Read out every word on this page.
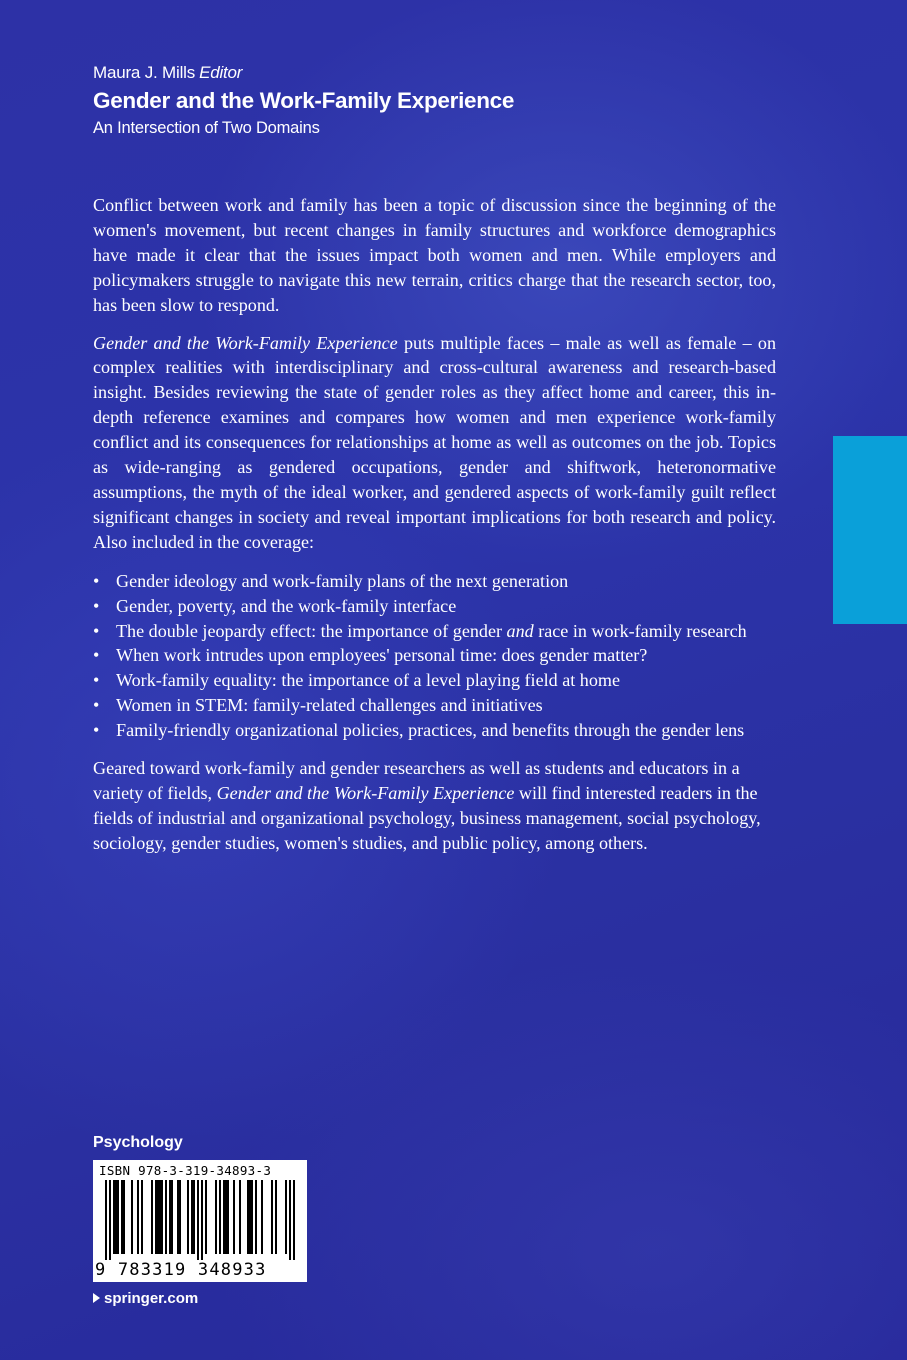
Maura J. Mills Editor
Gender and the Work-Family Experience
An Intersection of Two Domains

Conflict between work and family has been a topic of discussion since the beginning of the women's movement, but recent changes in family structures and workforce demographics have made it clear that the issues impact both women and men. While employers and policymakers struggle to navigate this new terrain, critics charge that the research sector, too, has been slow to respond.

Gender and the Work-Family Experience puts multiple faces – male as well as female – on complex realities with interdisciplinary and cross-cultural awareness and research-based insight. Besides reviewing the state of gender roles as they affect home and career, this in-depth reference examines and compares how women and men experience work-family conflict and its consequences for relationships at home as well as outcomes on the job. Topics as wide-ranging as gendered occupations, gender and shiftwork, heteronormative assumptions, the myth of the ideal worker, and gendered aspects of work-family guilt reflect significant changes in society and reveal important implications for both research and policy. Also included in the coverage:

• Gender ideology and work-family plans of the next generation
• Gender, poverty, and the work-family interface
• The double jeopardy effect: the importance of gender and race in work-family research
• When work intrudes upon employees' personal time: does gender matter?
• Work-family equality: the importance of a level playing field at home
• Women in STEM: family-related challenges and initiatives
• Family-friendly organizational policies, practices, and benefits through the gender lens

Geared toward work-family and gender researchers as well as students and educators in a variety of fields, Gender and the Work-Family Experience will find interested readers in the fields of industrial and organizational psychology, business management, social psychology, sociology, gender studies, women's studies, and public policy, among others.

Psychology
ISBN 978-3-319-34893-3
9 783319 348933
springer.com
